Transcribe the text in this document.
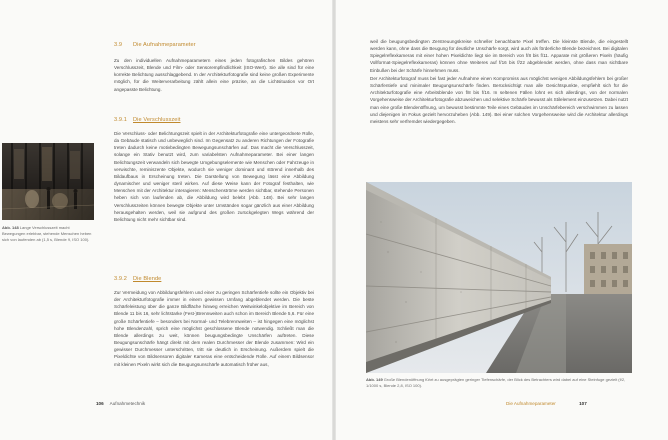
3.9 Die Aufnahmeparameter

Zu den individuellen Aufnahmeparametern eines jeden fotografischen Bildes gehören Verschlusszeit, Blende und Film- oder Sensorempfindlichkeit (ISO-Wert). Sie alle sind für eine korrekte Belichtung ausschlaggebend. In der Architekturfotografie sind keine großen Experimente möglich, für die Weiterverarbeitung zählt allein eine präzise, an die Lichtsituation vor Ort angepasste Belichtung.

3.9.1 Die Verschlusszeit
Abb. 148 Lange Verschlusszeit macht Bewegungen erlebbar, stehende Menschen heben sich von laufenden ab (1,5 s, Blende 9, ISO 100).

Die Verschluss- oder Belichtungszeit spielt in der Architekturfotografie eine untergeordnete Rolle, da Gebäude statisch und unbeweglich sind. Im Gegensatz zu anderen Richtungen der Fotografie treten dadurch keine motivbedingten Bewegungsunschärfen auf. Das macht die Verschlusszeit, solange ein Stativ benutzt wird, zum variabelsten Aufnahmeparameter. Bei einer langen Belichtungszeit verwandeln sich bewegte Umgebungselemente wie Menschen oder Fahrzeuge in verwischte, reminiszente Objekte, wodurch sie weniger dominant und störend innerhalb des Bildaufbaus in Erscheinung treten. Die Darstellung von Bewegung lässt eine Abbildung dynamischer und weniger steril wirken. Auf diese Weise kann der Fotograf festhalten, wie Menschen mit der Architektur interagieren: Menschenströme werden sichtbar, stehende Personen heben sich von laufenden ab, die Abbildung wird belebt (Abb. 148). Bei sehr langen Verschlusszeiten können bewegte Objekte unter Umständen sogar gänzlich aus einer Abbildung herausgehalten werden, weil sie aufgrund des großen zurückgelegten Wegs während der Belichtung nicht mehr sichtbar sind.

3.9.2 Die Blende

Zur Vermeidung von Abbildungsfehlern und einer zu geringen Schärfentiefe sollte ein Objektiv bei der Architekturfotografie immer in einem gewissen Umfang abgeblendet werden. Die beste Schärfeleistung über die ganze Bildfläche hinweg erreichen Weitwinkelobjektive im Bereich von Blende 11 bis 16, sehr lichtstarke (Fest-)Brennweiten auch schon im Bereich Blende 5,6. Für eine große Schärfentiefe – besonders bei Normal- und Telebrennweiten – ist hingegen eine möglichst hohe Blendenzahl, sprich eine möglichst geschlossene Blende notwendig. Schließt man die Blende allerdings zu weit, können beugungsbedingte Unschärfen auftreten. Diese Beugungsunschärfe hängt direkt mit dem realen Durchmesser der Blende zusammen: Wird ein gewisser Durchmesser unterschritten, tritt sie deutlich in Erscheinung. Außerdem spielt die Pixeldichte von Bildsensoren digitaler Kameras eine entscheidende Rolle. Auf einem Bildsensor mit kleinen Pixeln wirkt sich die Beugungsunschärfe automatisch früher aus,

106 Aufnahmetechnik

weil die beugungsbedingten Zerstreuungskreise schneller benachbarte Pixel treffen. Die kleinste Blende, die eingestellt werden kann, ohne dass die Beugung für deutliche Unschärfe sorgt, wird auch als förderliche Blende bezeichnet. Bei digitalen Spiegelreflexkameras mit einer hohen Pixeldichte liegt sie im Bereich von f/8 bis f/11. Apparate mit größeren Pixeln (häufig Vollformat-Spiegelreflexkameras) können ohne Weiteres auf f/16 bis f/22 abgeblendet werden, ohne dass man sichtbare Einbußen bei der Schärfe hinnehmen muss.

Der Architekturfotograf muss bei fast jeder Aufnahme einen Kompromiss aus möglichst wenigen Abbildungsfehlern bei großer Schärfentiefe und minimaler Beugungsunschärfe finden. Berücksichtigt man alle Gesichtspunkte, empfiehlt sich für die Architekturfotografie eine Arbeitsblende von f/8 bis f/16. In seltenen Fällen lohnt es sich allerdings, von der normalen Vorgehensweise der Architekturfotografie abzuweichen und selektive Schärfe bewusst als Stilelement einzusetzen. Dabei nutzt man eine große Blendenöffnung, um bewusst bestimmte Teile eines Gebäudes im Unschärfebereich verschwimmen zu lassen und diejenigen im Fokus gezielt hervorzuheben (Abb. 149). Bei einer solchen Vorgehensweise wird die Architektur allerdings meistens sehr verfremdet wiedergegeben.

Abb. 149 Große Blendenöffnung führt zu ausgeprägten geringer Tiefenschärfe, der Blick des Betrachters wird dabei auf eine Steinfuge gezielt (f/2, 1/1000 s, Blende 2,8, ISO 100).
Die Aufnahmeparameter	107
